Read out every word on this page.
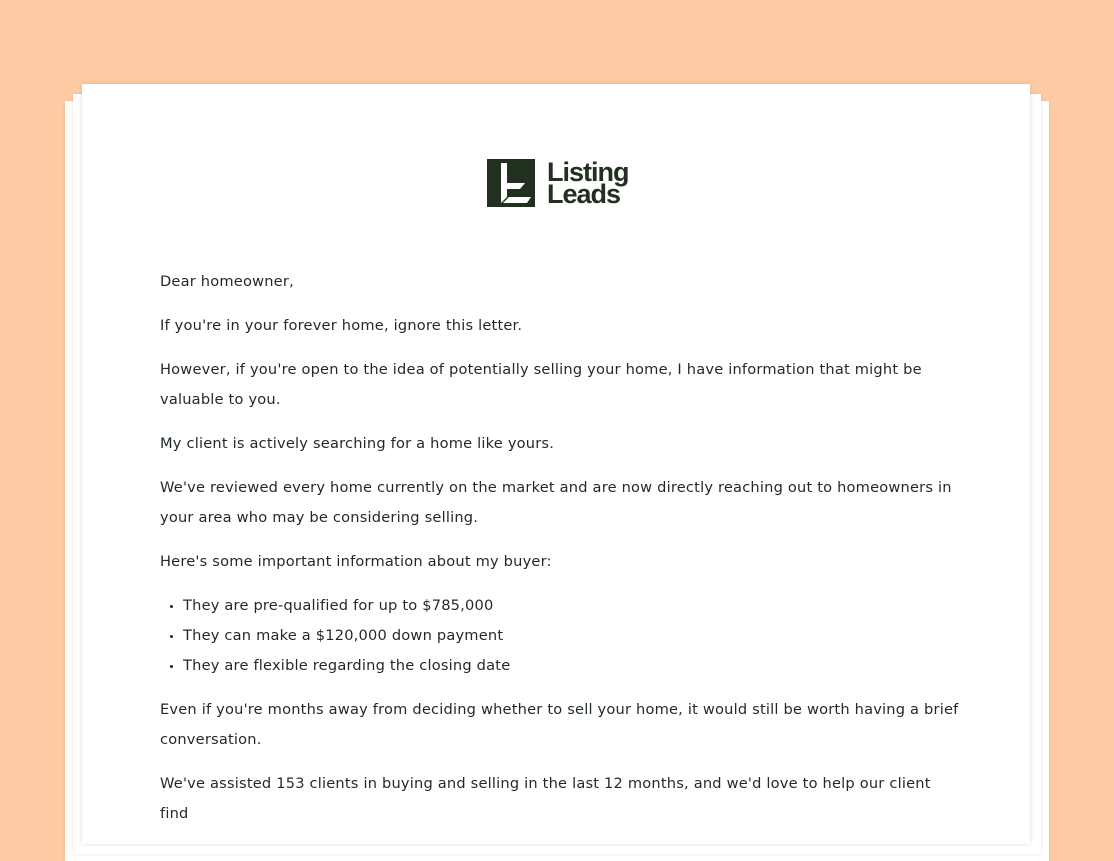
Listing
Leads

Dear homeowner,

If you're in your forever home, ignore this letter.

However, if you're open to the idea of potentially selling your home, I have information that might be valuable to you.

My client is actively searching for a home like yours.

We've reviewed every home currently on the market and are now directly reaching out to homeowners in your area who may be considering selling.

Here's some important information about my buyer:

They are pre-qualified for up to $785,000
They can make a $120,000 down payment
They are flexible regarding the closing date

Even if you're months away from deciding whether to sell your home, it would still be worth having a brief conversation.

We've assisted 153 clients in buying and selling in the last 12 months, and we'd love to help our client find
